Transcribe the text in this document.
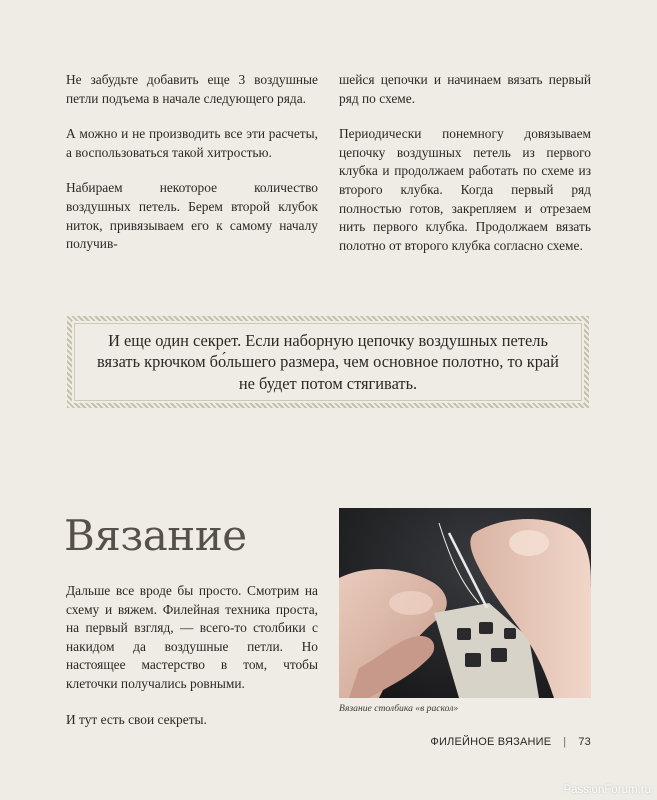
Не забудьте добавить еще 3 воздушные петли подъема в начале следующего ряда.

А можно и не производить все эти расчеты, а воспользоваться такой хитростью.

Набираем некоторое количество воздушных петель. Берем второй клубок ниток, привязываем его к самому началу получив-

шейся цепочки и начинаем вязать первый ряд по схеме.

Периодически понемногу довязываем цепочку воздушных петель из первого клубка и продолжаем работать по схеме из второго клубка. Когда первый ряд полностью готов, закрепляем и отрезаем нить первого клубка. Продолжаем вязать полотно от второго клубка согласно схеме.

И еще один секрет. Если наборную цепочку воздушных петель вязать крючком бо́льшего размера, чем основное полотно, то край не будет потом стягивать.

Вязание

Дальше все вроде бы просто. Смотрим на схему и вяжем. Филейная техника проста, на первый взгляд, — всего-то столбики с накидом да воздушные петли. Но настоящее мастерство в том, чтобы клеточки получались ровными.

И тут есть свои секреты.

Вязание столбика «в раскол»

ФИЛЕЙНОЕ ВЯЗАНИЕ | 73
PassionForum.ru
